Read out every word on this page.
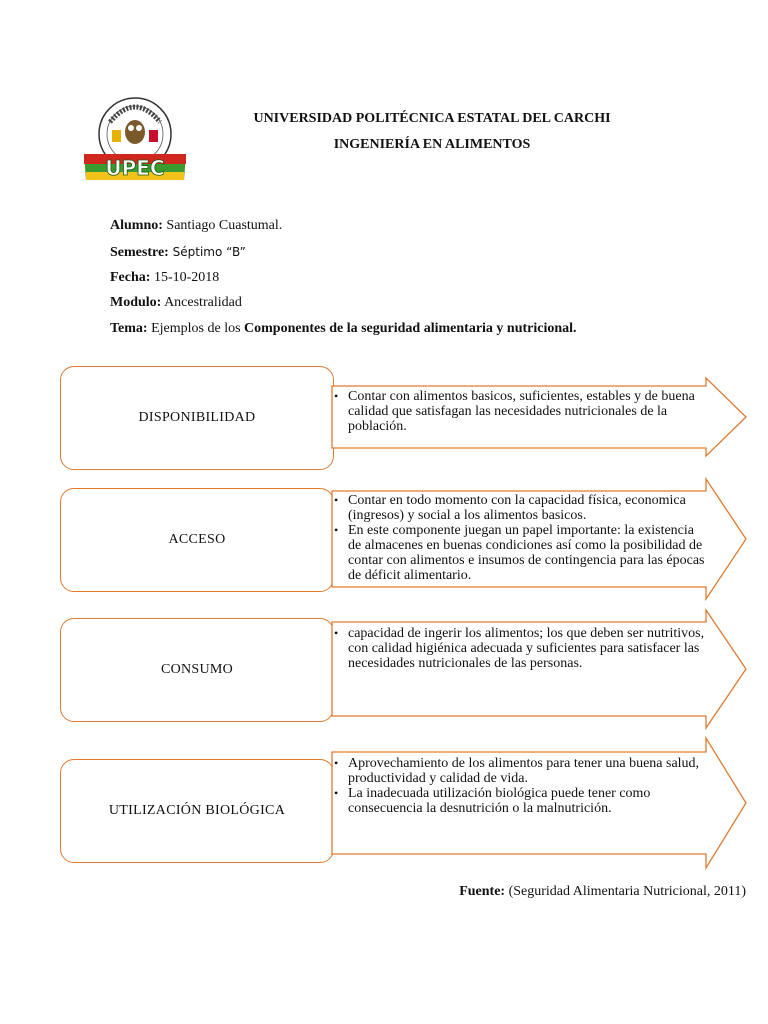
UPEC
UNIVERSIDAD POLITÉCNICA ESTATAL DEL CARCHI
INGENIERÍA EN ALIMENTOS
Alumno: Santiago Cuastumal.
Semestre: Séptimo “B”
Fecha: 15-10-2018
Modulo: Ancestralidad
Tema: Ejemplos de los Componentes de la seguridad alimentaria y nutricional.
DISPONIBILIDAD
• Contar con alimentos basicos, suficientes, estables y de buena calidad que satisfagan las necesidades nutricionales de la población.
ACCESO
• Contar en todo momento con la capacidad física, economica (ingresos) y social a los alimentos basicos.
• En este componente juegan un papel importante: la existencia de almacenes en buenas condiciones así como la posibilidad de contar con alimentos e insumos de contingencia para las épocas de déficit alimentario.
CONSUMO
• capacidad de ingerir los alimentos; los que deben ser nutritivos, con calidad higiénica adecuada y suficientes para satisfacer las necesidades nutricionales de las personas.
UTILIZACIÓN BIOLÓGICA
• Aprovechamiento de los alimentos para tener una buena salud, productividad y calidad de vida.
• La inadecuada utilización biológica puede tener como consecuencia la desnutrición o la malnutrición.
Fuente: (Seguridad Alimentaria Nutricional, 2011)
